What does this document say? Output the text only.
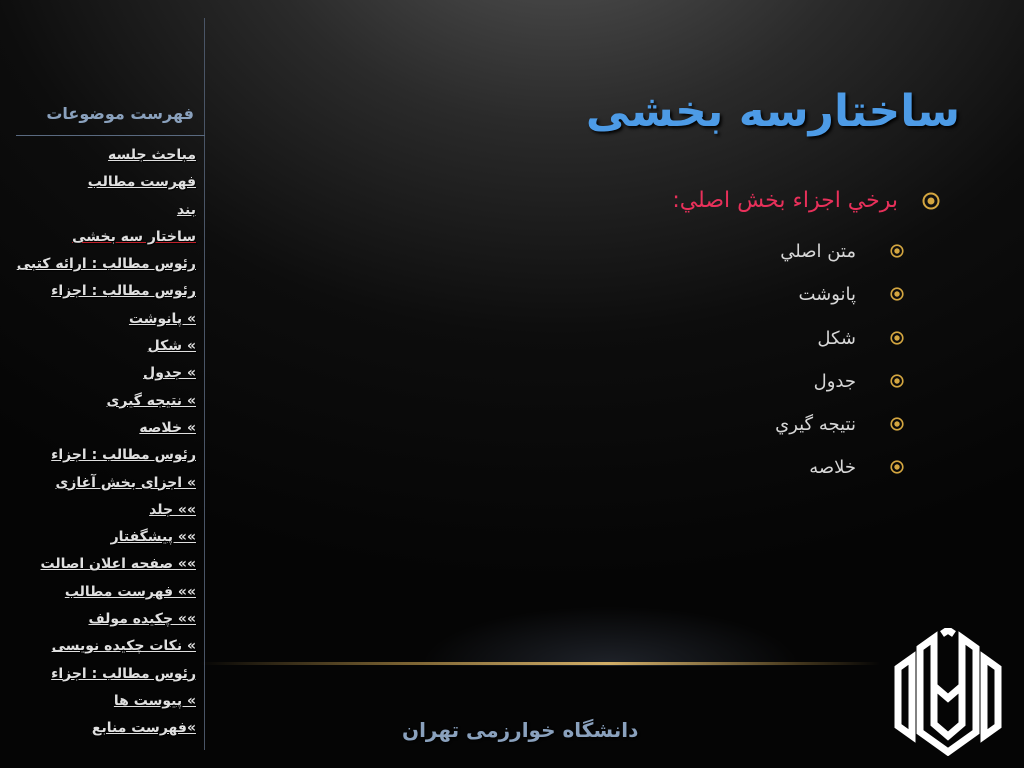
فهرست موضوعات
مباحث جلسه
فهرست مطالب
بند
ساختار سه بخشی
رئوس مطالب : ارائه کتبی
رئوس مطالب : اجزاء
» پانوشت
» شکل
» جدول
» نتیجه گیری
» خلاصه
رئوس مطالب : اجزاء
» اجزای بخش آغازی
»» جلد
»» پیشگفتار
»» صفحه اعلان اصالت
»» فهرست مطالب
»» چکیده مولف
» نکات چکیده نویسی
رئوس مطالب : اجزاء
» پیوست ها
»فهرست منابع
ساختارسه بخشی
برخي اجزاء بخش اصلي:
متن اصلي
پانوشت
شكل
جدول
نتيجه گيري
خلاصه
دانشگاه خوارزمی تهران
